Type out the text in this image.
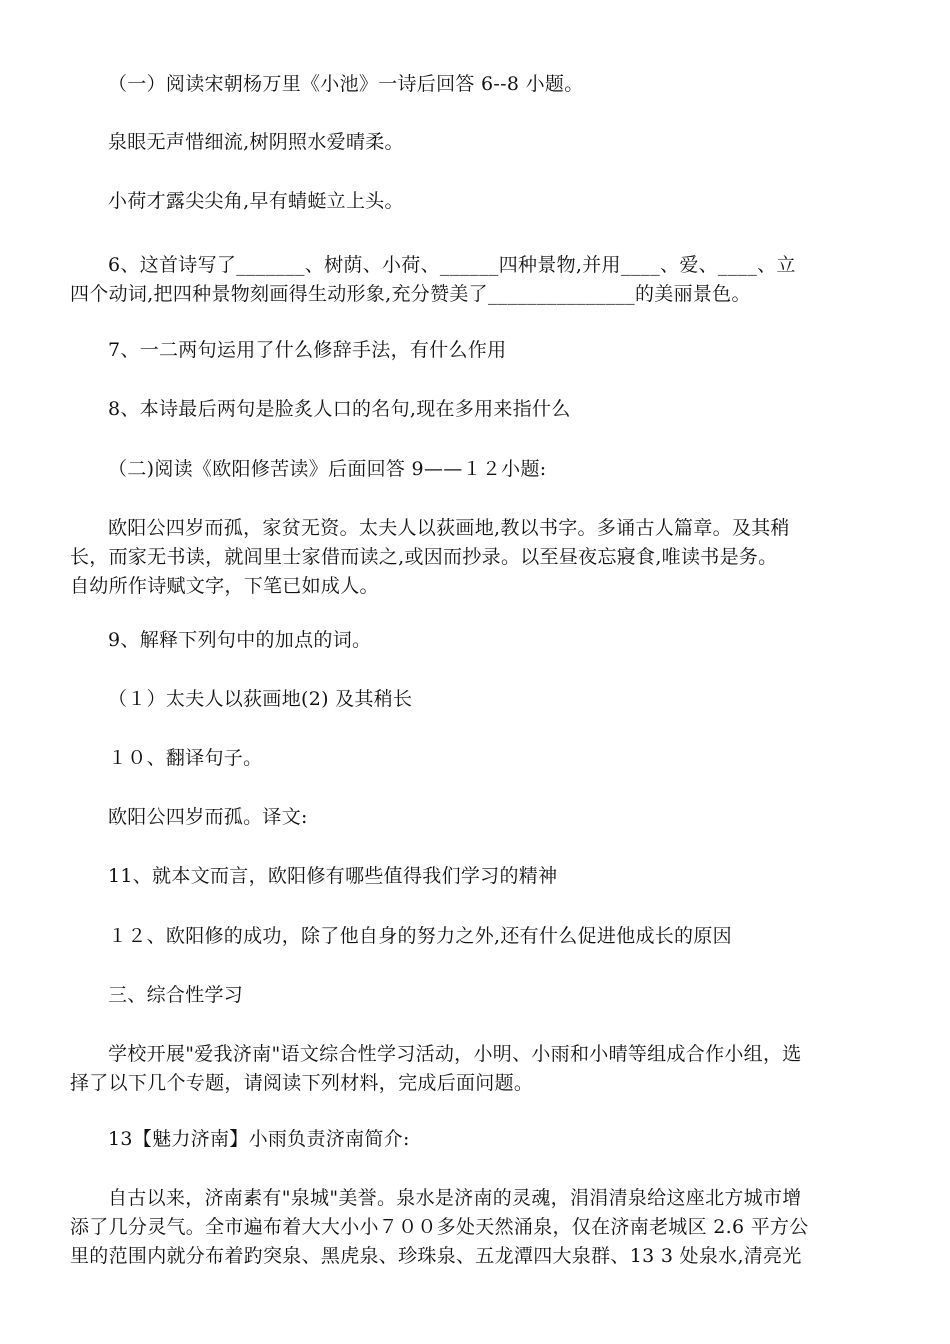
（一）阅读宋朝杨万里《小池》一诗后回答 6--8 小题。
泉眼无声惜细流,树阴照水爱晴柔。
小荷才露尖尖角,早有蜻蜓立上头。
6、这首诗写了_______、树荫、小荷、______四种景物,并用____、爱、____、立
四个动词,把四种景物刻画得生动形象,充分赞美了_______________的美丽景色。
7、一二两句运用了什么修辞手法，有什么作用
8、本诗最后两句是脸炙人口的名句,现在多用来指什么
（二)阅读《欧阳修苦读》后面回答 9——１２小题:
欧阳公四岁而孤，家贫无资。太夫人以荻画地,教以书字。多诵古人篇章。及其稍
长，而家无书读，就闾里士家借而读之,或因而抄录。以至昼夜忘寢食,唯读书是务。
自幼所作诗赋文字，下笔已如成人。
9、解释下列句中的加点的词。
（１）太夫人以荻画地(2) 及其稍长
１０、翻译句子。
欧阳公四岁而孤。译文:
11、就本文而言，欧阳修有哪些值得我们学习的精神
１２、欧阳修的成功，除了他自身的努力之外,还有什么促进他成长的原因
三、综合性学习
学校开展"爱我济南"语文综合性学习活动，小明、小雨和小晴等组成合作小组，选
择了以下几个专题，请阅读下列材料，完成后面问题。
13【魅力济南】小雨负责济南简介:
自古以来，济南素有"泉城"美誉。泉水是济南的灵魂，涓涓清泉给这座北方城市增
添了几分灵气。全市遍布着大大小小７００多处天然涌泉，仅在济南老城区 2.6 平方公
里的范围内就分布着趵突泉、黑虎泉、珍珠泉、五龙潭四大泉群、13 3 处泉水,清亮光
